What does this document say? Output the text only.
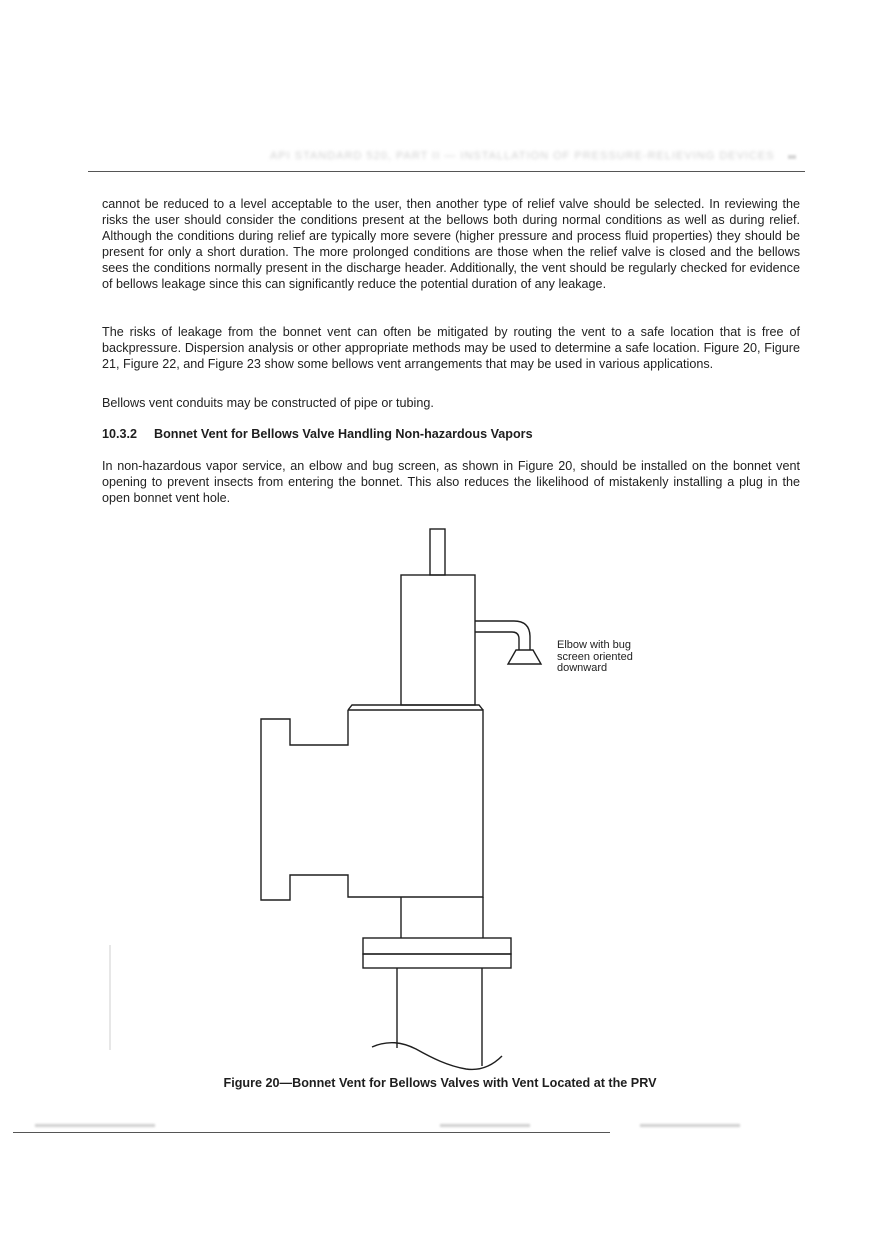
API STANDARD 520, PART II — INSTALLATION OF PRESSURE-RELIEVING DEVICES

cannot be reduced to a level acceptable to the user, then another type of relief valve should be selected. In reviewing the risks the user should consider the conditions present at the bellows both during normal conditions as well as during relief. Although the conditions during relief are typically more severe (higher pressure and process fluid properties) they should be present for only a short duration. The more prolonged conditions are those when the relief valve is closed and the bellows sees the conditions normally present in the discharge header. Additionally, the vent should be regularly checked for evidence of bellows leakage since this can significantly reduce the potential duration of any leakage.

The risks of leakage from the bonnet vent can often be mitigated by routing the vent to a safe location that is free of backpressure. Dispersion analysis or other appropriate methods may be used to determine a safe location. Figure 20, Figure 21, Figure 22, and Figure 23 show some bellows vent arrangements that may be used in various applications.

Bellows vent conduits may be constructed of pipe or tubing.

10.3.2 Bonnet Vent for Bellows Valve Handling Non-hazardous Vapors

In non-hazardous vapor service, an elbow and bug screen, as shown in Figure 20, should be installed on the bonnet vent opening to prevent insects from entering the bonnet. This also reduces the likelihood of mistakenly installing a plug in the open bonnet vent hole.

Elbow with bug screen oriented downward
Figure 20—Bonnet Vent for Bellows Valves with Vent Located at the PRV
